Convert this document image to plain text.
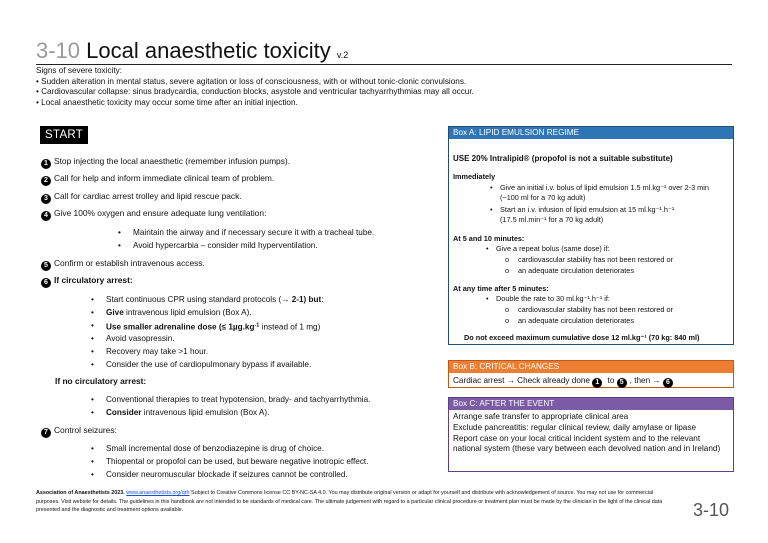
3-10 Local anaesthetic toxicity v.2
Signs of severe toxicity:
• Sudden alteration in mental status, severe agitation or loss of consciousness, with or without tonic-clonic convulsions.
• Cardiovascular collapse: sinus bradycardia, conduction blocks, asystole and ventricular tachyarrhythmias may all occur.
• Local anaesthetic toxicity may occur some time after an initial injection.
START
1 Stop injecting the local anaesthetic (remember infusion pumps).
2 Call for help and inform immediate clinical team of problem.
3 Call for cardiac arrest trolley and lipid rescue pack.
4 Give 100% oxygen and ensure adequate lung ventilation:
• Maintain the airway and if necessary secure it with a tracheal tube.
• Avoid hypercarbia – consider mild hyperventilation.
5 Confirm or establish intravenous access.
6 If circulatory arrest:
• Start continuous CPR using standard protocols (→ 2-1) but:
• Give intravenous lipid emulsion (Box A).
• Use smaller adrenaline dose (≤ $1\mu g.kg^{-1}$ instead of 1 mg)
• Avoid vasopressin.
• Recovery may take >1 hour.
• Consider the use of cardiopulmonary bypass if available.
If no circulatory arrest:
• Conventional therapies to treat hypotension, brady- and tachyarrhythmia.
• Consider intravenous lipid emulsion (Box A).
7 Control seizures:
• Small incremental dose of benzodiazepine is drug of choice.
• Thiopental or propofol can be used, but beware negative inotropic effect.
• Consider neuromuscular blockade if seizures cannot be controlled.
Box A: LIPID EMULSION REGIME
USE 20% Intralipid® (propofol is not a suitable substitute)
Immediately
• Give an initial i.v. bolus of lipid emulsion 1.5 ml.kg⁻¹ over 2-3 min
(~100 ml for a 70 kg adult)
• Start an i.v. infusion of lipid emulsion at 15 ml.kg⁻¹.h⁻¹
(17.5 ml.min⁻¹ for a 70 kg adult)
At 5 and 10 minutes:
• Give a repeat bolus (same dose) if:
o cardiovascular stability has not been restored or
o an adequate circulation deteriorates
At any time after 5 minutes:
• Double the rate to 30 ml.kg⁻¹.h⁻¹ if:
o cardiovascular stability has not been restored or
o an adequate circulation deteriorates
Do not exceed maximum cumulative dose 12 ml.kg⁻¹ (70 kg: 840 ml)
Box B: CRITICAL CHANGES
Cardiac arrest → Check already done 1 to 5 , then → 6
Box C: AFTER THE EVENT
Arrange safe transfer to appropriate clinical area
Exclude pancreatitis: regular clinical review, daily amylase or lipase
Report case on your local critical incident system and to the relevant national system (these vary between each devolved nation and in Ireland)
Association of Anaesthetists 2023. www.anaesthetists.org/qrh Subject to Creative Commons license CC BY-NC-SA 4.0. You may distribute original version or adapt for yourself and distribute with acknowledgement of source. You may not use for commercial purposes. Visit website for details. The guidelines in this handbook are not intended to be standards of medical care. The ultimate judgement with regard to a particular clinical procedure or treatment plan must be made by the clinician in the light of the clinical data presented and the diagnostic and treatment options available.	3-10
